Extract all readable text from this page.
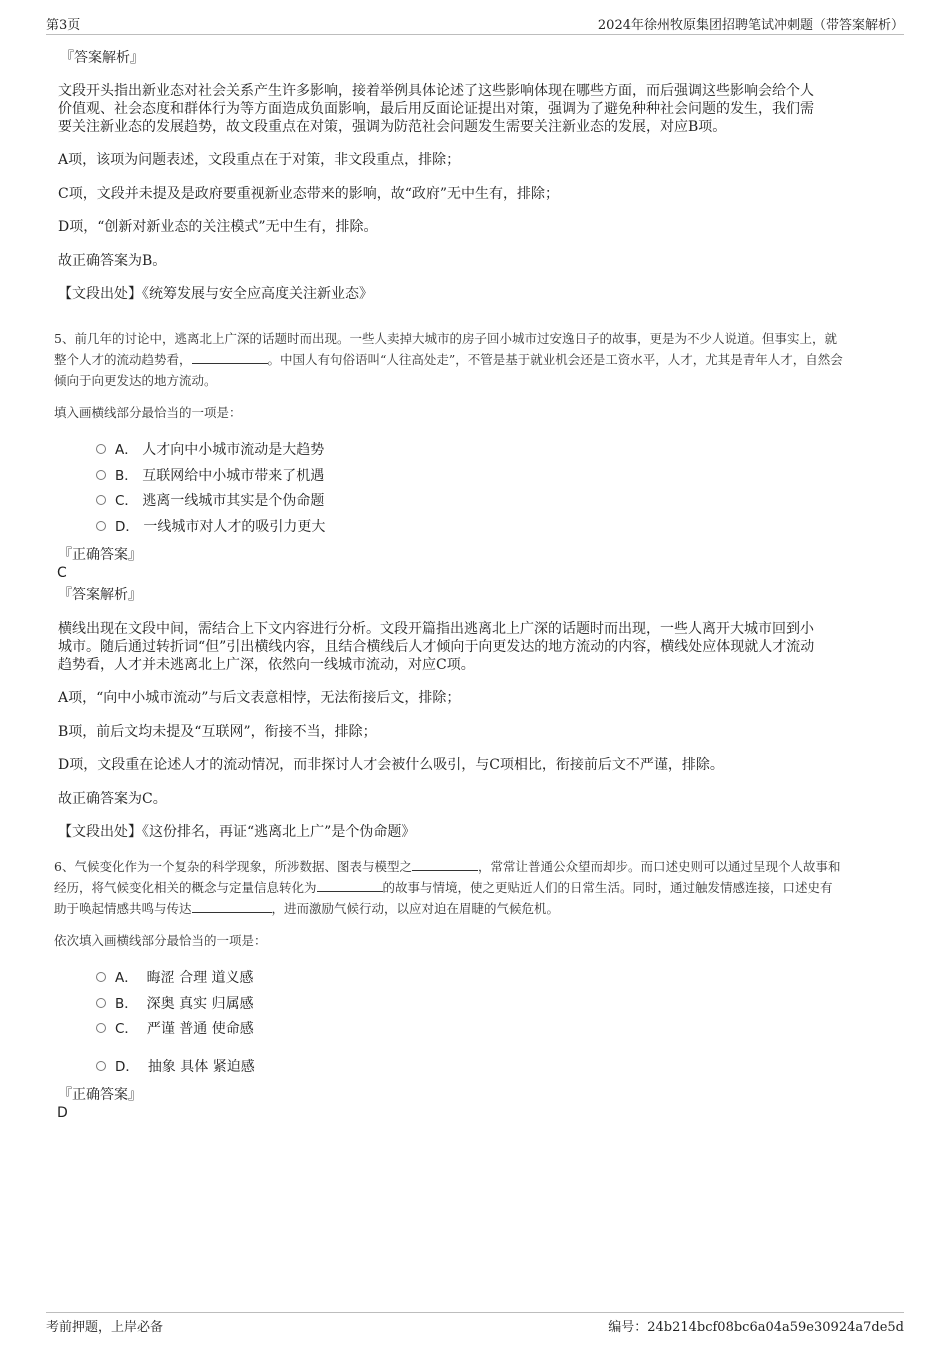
第3页	2024年徐州牧原集团招聘笔试冲刺题（带答案解析）
『答案解析』
文段开头指出新业态对社会关系产生许多影响，接着举例具体论述了这些影响体现在哪些方面，而后强调这些影响会给个人
价值观、社会态度和群体行为等方面造成负面影响，最后用反面论证提出对策，强调为了避免种种社会问题的发生，我们需
要关注新业态的发展趋势，故文段重点在对策，强调为防范社会问题发生需要关注新业态的发展，对应B项。
A项，该项为问题表述，文段重点在于对策，非文段重点，排除；
C项，文段并未提及是政府要重视新业态带来的影响，故“政府”无中生有，排除；
D项，“创新对新业态的关注模式”无中生有，排除。
故正确答案为B。
【文段出处】《统筹发展与安全应高度关注新业态》
5、前几年的讨论中，逃离北上广深的话题时而出现。一些人卖掉大城市的房子回小城市过安逸日子的故事，更是为不少人说道。但事实上，就
整个人才的流动趋势看，	。中国人有句俗语叫“人往高处走”，不管是基于就业机会还是工资水平，人才，尤其是青年人才，自然会
倾向于向更发达的地方流动。
填入画横线部分最恰当的一项是：
A． 人才向中小城市流动是大趋势
B． 互联网给中小城市带来了机遇
C． 逃离一线城市其实是个伪命题
D． 一线城市对人才的吸引力更大
『正确答案』
C
『答案解析』
横线出现在文段中间，需结合上下文内容进行分析。文段开篇指出逃离北上广深的话题时而出现，一些人离开大城市回到小
城市。随后通过转折词“但”引出横线内容，且结合横线后人才倾向于向更发达的地方流动的内容，横线处应体现就人才流动
趋势看，人才并未逃离北上广深，依然向一线城市流动，对应C项。
A项，“向中小城市流动”与后文表意相悖，无法衔接后文，排除；
B项，前后文均未提及“互联网”，衔接不当，排除；
D项，文段重在论述人才的流动情况，而非探讨人才会被什么吸引，与C项相比，衔接前后文不严谨，排除。
故正确答案为C。
【文段出处】《这份排名，再证“逃离北上广”是个伪命题》
6、气候变化作为一个复杂的科学现象，所涉数据、图表与模型之	，常常让普通公众望而却步。而口述史则可以通过呈现个人故事和
经历，将气候变化相关的概念与定量信息转化为	的故事与情境，使之更贴近人们的日常生活。同时，通过触发情感连接，口述史有
助于唤起情感共鸣与传达	，进而激励气候行动，以应对迫在眉睫的气候危机。
依次填入画横线部分最恰当的一项是：
A． 晦涩 合理 道义感
B． 深奥 真实 归属感
C． 严谨 普通 使命感
D． 抽象 具体 紧迫感
『正确答案』
D
考前押题，上岸必备	编号：24b214bcf08bc6a04a59e30924a7de5d
